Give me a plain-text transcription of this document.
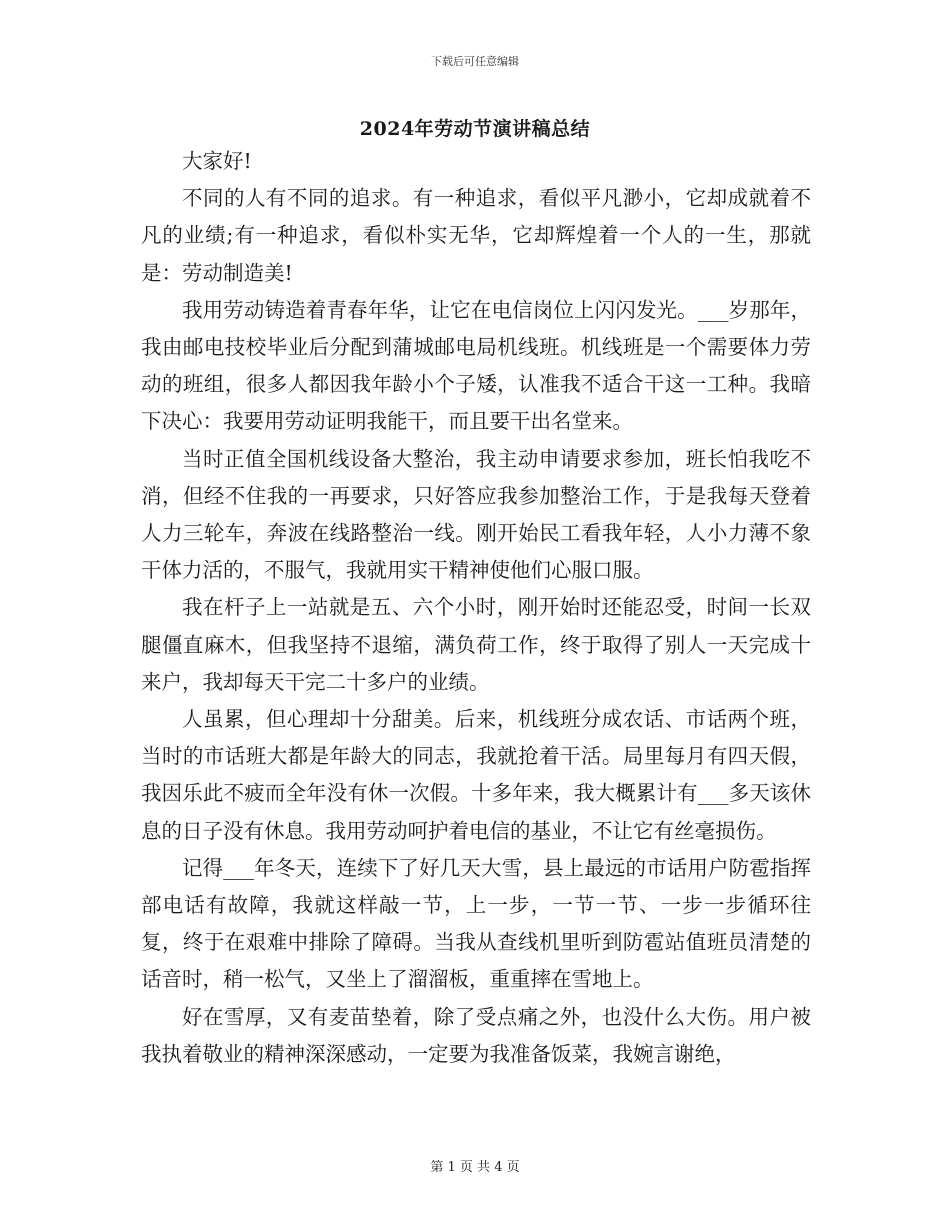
下载后可任意编辑
2024年劳动节演讲稿总结

大家好!

不同的人有不同的追求。有一种追求，看似平凡渺小，它却成就着不凡的业绩;有一种追求，看似朴实无华，它却辉煌着一个人的一生，那就是：劳动制造美!

我用劳动铸造着青春年华，让它在电信岗位上闪闪发光。___岁那年，我由邮电技校毕业后分配到蒲城邮电局机线班。机线班是一个需要体力劳动的班组，很多人都因我年龄小个子矮，认准我不适合干这一工种。我暗下决心：我要用劳动证明我能干，而且要干出名堂来。

当时正值全国机线设备大整治，我主动申请要求参加，班长怕我吃不消，但经不住我的一再要求，只好答应我参加整治工作，于是我每天登着人力三轮车，奔波在线路整治一线。刚开始民工看我年轻，人小力薄不象干体力活的，不服气，我就用实干精神使他们心服口服。

我在杆子上一站就是五、六个小时，刚开始时还能忍受，时间一长双腿僵直麻木，但我坚持不退缩，满负荷工作，终于取得了别人一天完成十来户，我却每天干完二十多户的业绩。

人虽累，但心理却十分甜美。后来，机线班分成农话、市话两个班，当时的市话班大都是年龄大的同志，我就抢着干活。局里每月有四天假，我因乐此不疲而全年没有休一次假。十多年来，我大概累计有___多天该休息的日子没有休息。我用劳动呵护着电信的基业，不让它有丝毫损伤。

记得___年冬天，连续下了好几天大雪，县上最远的市话用户防雹指挥部电话有故障，我就这样敲一节，上一步，一节一节、一步一步循环往复，终于在艰难中排除了障碍。当我从查线机里听到防雹站值班员清楚的话音时，稍一松气，又坐上了溜溜板，重重摔在雪地上。

好在雪厚，又有麦苗垫着，除了受点痛之外，也没什么大伤。用户被我执着敬业的精神深深感动，一定要为我准备饭菜，我婉言谢绝，

第 1 页 共 4 页
